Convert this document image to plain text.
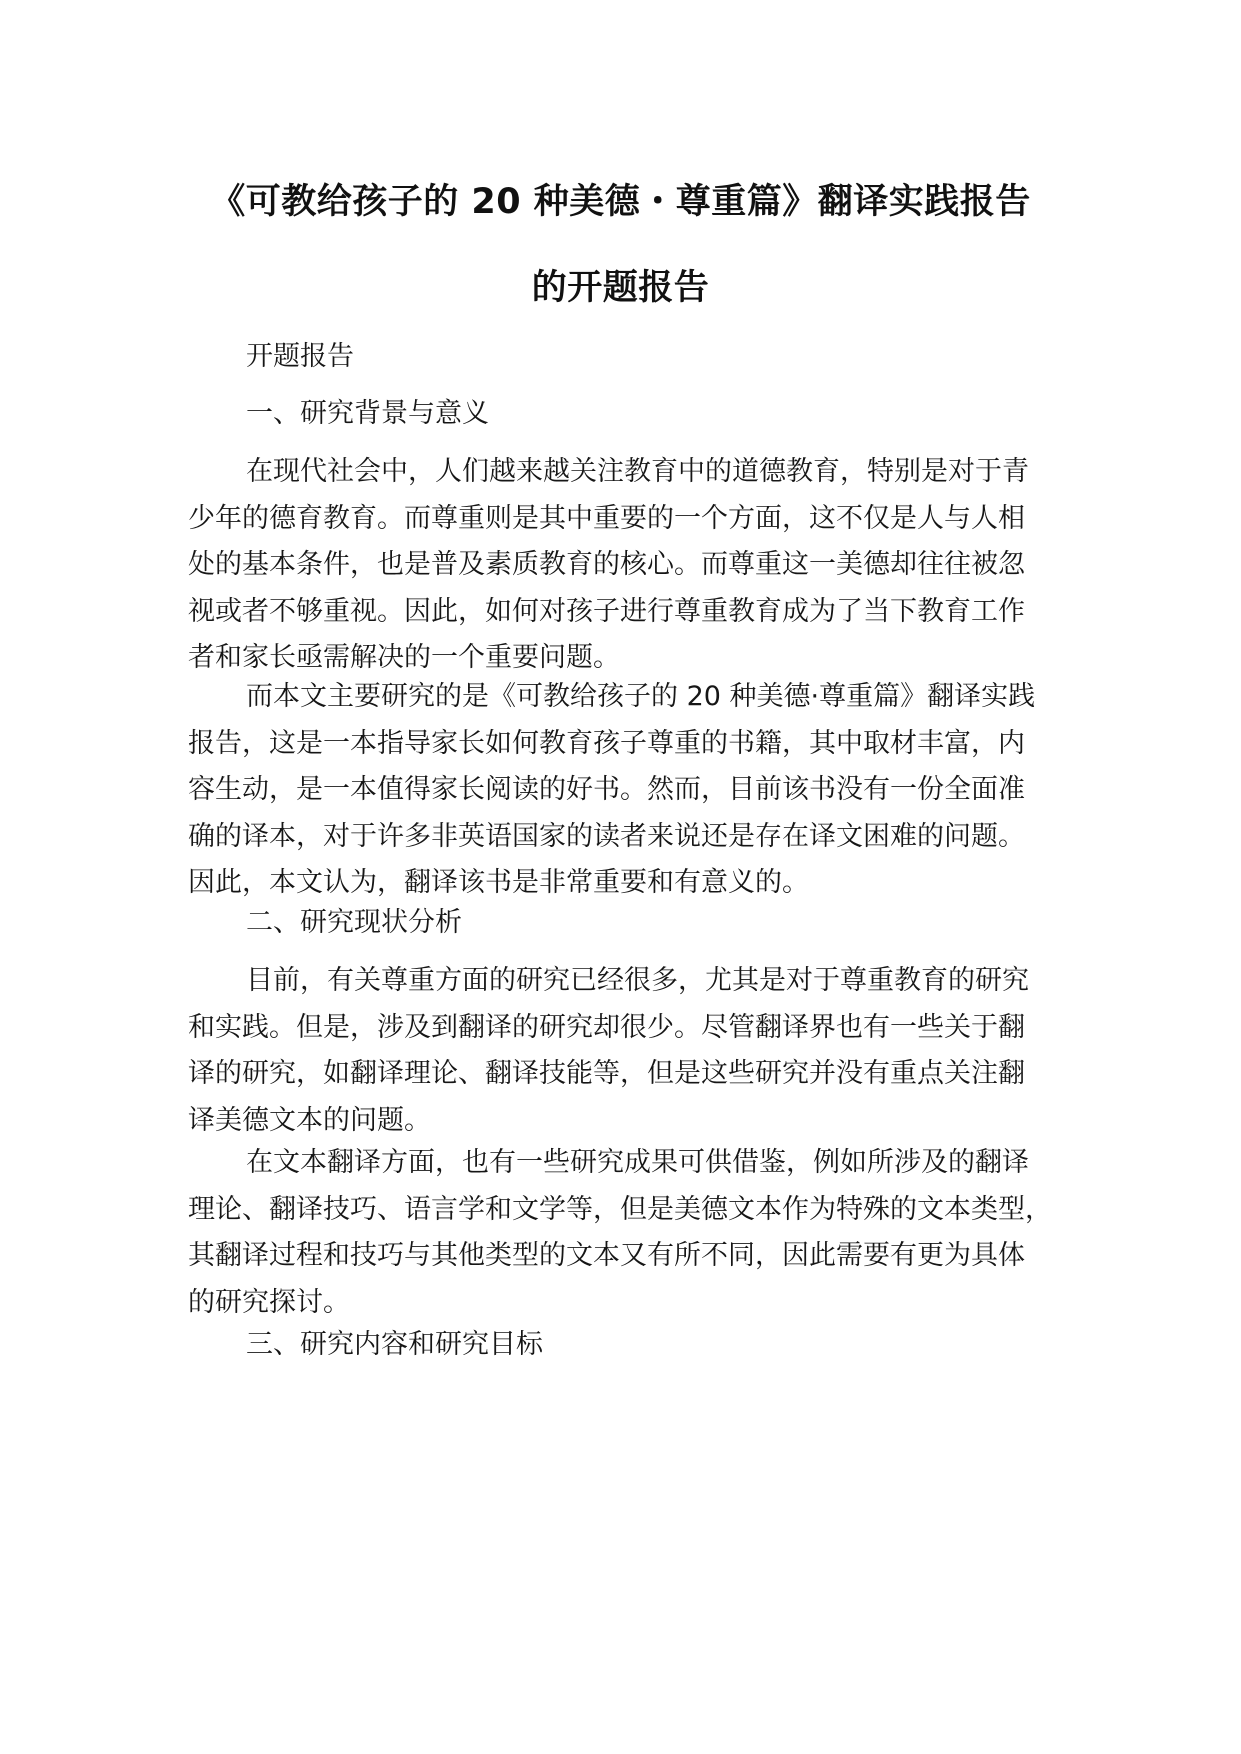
《可教给孩子的 20 种美德・尊重篇》翻译实践报告
的开题报告
开题报告
一、研究背景与意义
在现代社会中，人们越来越关注教育中的道德教育，特别是对于青
少年的德育教育。而尊重则是其中重要的一个方面，这不仅是人与人相
处的基本条件，也是普及素质教育的核心。而尊重这一美德却往往被忽
视或者不够重视。因此，如何对孩子进行尊重教育成为了当下教育工作
者和家长亟需解决的一个重要问题。
而本文主要研究的是《可教给孩子的 20 种美德·尊重篇》翻译实践
报告，这是一本指导家长如何教育孩子尊重的书籍，其中取材丰富，内
容生动，是一本值得家长阅读的好书。然而，目前该书没有一份全面准
确的译本，对于许多非英语国家的读者来说还是存在译文困难的问题。
因此，本文认为，翻译该书是非常重要和有意义的。
二、研究现状分析
目前，有关尊重方面的研究已经很多，尤其是对于尊重教育的研究
和实践。但是，涉及到翻译的研究却很少。尽管翻译界也有一些关于翻
译的研究，如翻译理论、翻译技能等，但是这些研究并没有重点关注翻
译美德文本的问题。
在文本翻译方面，也有一些研究成果可供借鉴，例如所涉及的翻译
理论、翻译技巧、语言学和文学等，但是美德文本作为特殊的文本类型，
其翻译过程和技巧与其他类型的文本又有所不同，因此需要有更为具体
的研究探讨。
三、研究内容和研究目标
